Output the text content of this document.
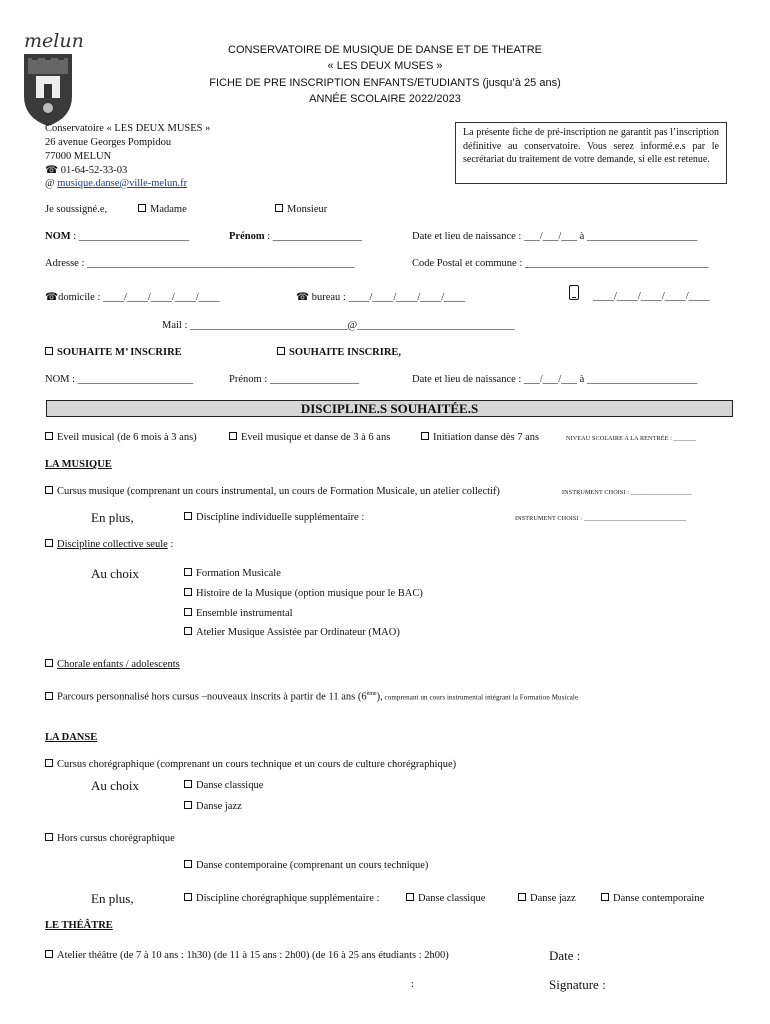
melun	CONSERVATOIRE DE MUSIQUE DE DANSE ET DE THEATRE
« LES DEUX MUSES »
FICHE DE PRE INSCRIPTION ENFANTS/ETUDIANTS (jusqu’à 25 ans)
ANNÉE SCOLAIRE 2022/2023
Conservatoire « LES DEUX MUSES »
26 avenue Georges Pompidou
77000 MELUN
☎ 01-64-52-33-03
@ musique.danse@ville-melun.fr
La présente fiche de pré-inscription ne garantit pas l’inscription définitive au conservatoire. Vous serez informé.e.s par le secrétariat du traitement de votre demande, si elle est retenue.
Je soussigné.e,	Madame	Monsieur
NOM : _____________________	Prénom : _________________	Date et lieu de naissance : ___/___/___ à _____________________
Adresse : ___________________________________________________	Code Postal et commune : ___________________________________
☎domicile : ____/____/____/____/____	☎ bureau : ____/____/____/____/____	____/____/____/____/____
Mail : ______________________________@______________________________
SOUHAITE M’ INSCRIRE	SOUHAITE INSCRIRE,
NOM : ______________________	Prénom : _________________	Date et lieu de naissance : ___/___/___ à _____________________
DISCIPLINE.S SOUHAITÉE.S
Eveil musical (de 6 mois à 3 ans)	Eveil musique et danse de 3 à 6 ans	Initiation danse dès 7 ans	NIVEAU SCOLAIRE A LA RENTRÉE : _______
LA MUSIQUE
Cursus musique (comprenant un cours instrumental, un cours de Formation Musicale, un atelier collectif)	INSTRUMENT CHOISI : ___________________
En plus,	Discipline individuelle supplémentaire :	INSTRUMENT CHOISI : ________________________________
Discipline collective seule :
Au choix	Formation Musicale
Histoire de la Musique (option musique pour le BAC)
Ensemble instrumental
Atelier Musique Assistée par Ordinateur (MAO)
Chorale enfants / adolescents
Parcours personnalisé hors cursus –nouveaux inscrits à partir de 11 ans (6ème), comprenant un cours instrumental intégrant la Formation Musicale
LA DANSE
Cursus chorégraphique (comprenant un cours technique et un cours de culture chorégraphique)
Au choix	Danse classique
Danse jazz
Hors cursus chorégraphique
Danse contemporaine (comprenant un cours technique)
En plus,	Discipline chorégraphique supplémentaire :	Danse classique	Danse jazz	Danse contemporaine
LE THÉÂTRE
Atelier théâtre (de 7 à 10 ans : 1h30) (de 11 à 15 ans : 2h00) (de 16 à 25 ans étudiants : 2h00)	Date :
:	Signature :
